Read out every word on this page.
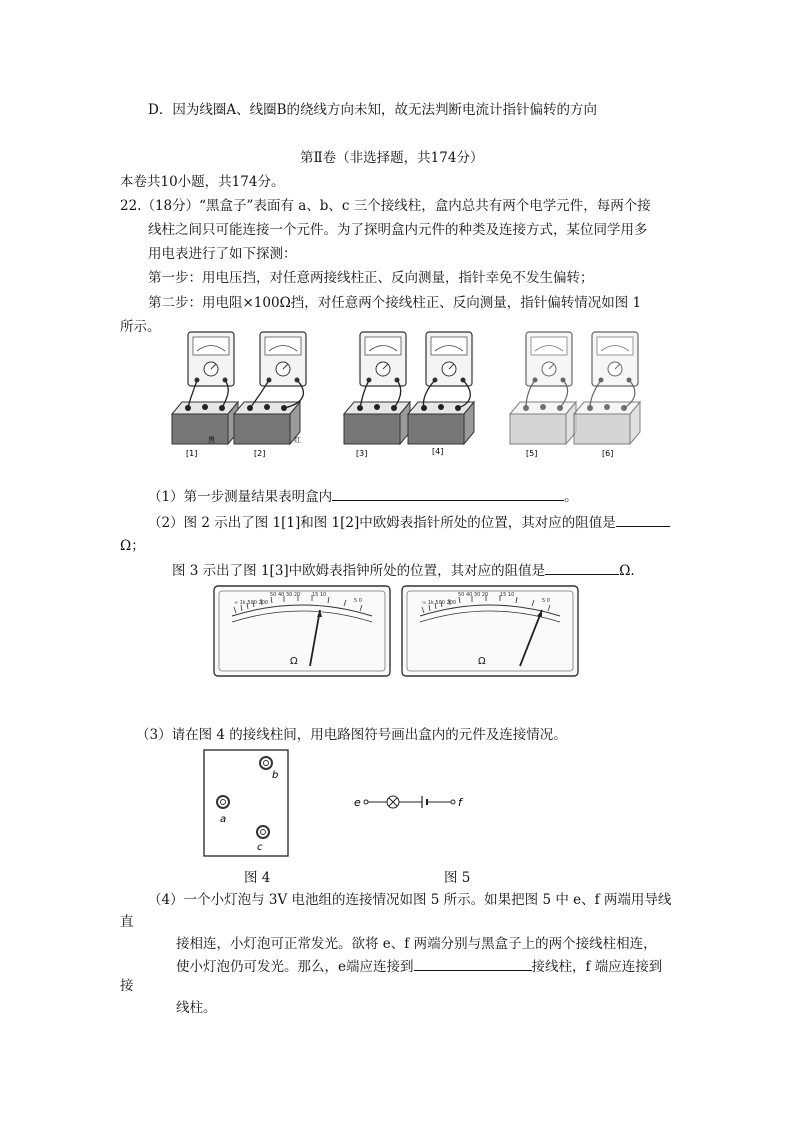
D．因为线圈A、线圈B的绕线方向未知，故无法判断电流计指针偏转的方向
第Ⅱ卷（非选择题，共174分）
本卷共10小题，共174分。
22.（18分）“黑盒子”表面有 a、b、c 三个接线柱，盒内总共有两个电学元件，每两个接
线柱之间只可能连接一个元件。为了探明盒内元件的种类及连接方式，某位同学用多
用电表进行了如下探测：
第一步：用电压挡，对任意两接线柱正、反向测量，指针幸免不发生偏转；
第二步：用电阻×100Ω挡，对任意两个接线柱正、反向测量，指针偏转情况如图 1
所示。
黑	红
[1]	[2]	[3]	[4]	[5]	[6]
（1）第一步测量结果表明盒内	。
（2）图 2 示出了图 1[1]和图 1[2]中欧姆表指针所处的位置，其对应的阻值是
Ω；
图 3 示出了图 1[3]中欧姆表指钟所处的位置，其对应的阻值是	Ω.
∞ 1k 500 200
50 40 30 20 15 10
5 0
Ω
∞ 1k 500 200
50 40 30 20 15 10
5 0
Ω
（3）请在图 4 的接线柱间，用电路图符号画出盒内的元件及连接情况。
b
a
c
e	f
图 4	图 5
（4）一个小灯泡与 3V 电池组的连接情况如图 5 所示。如果把图 5 中 e、f 两端用导线
直
接相连，小灯泡可正常发光。欲将 e、f 两端分别与黑盒子上的两个接线柱相连，
使小灯泡仍可发光。那么，e端应连接到	接线柱，f 端应连接到
接
线柱。
